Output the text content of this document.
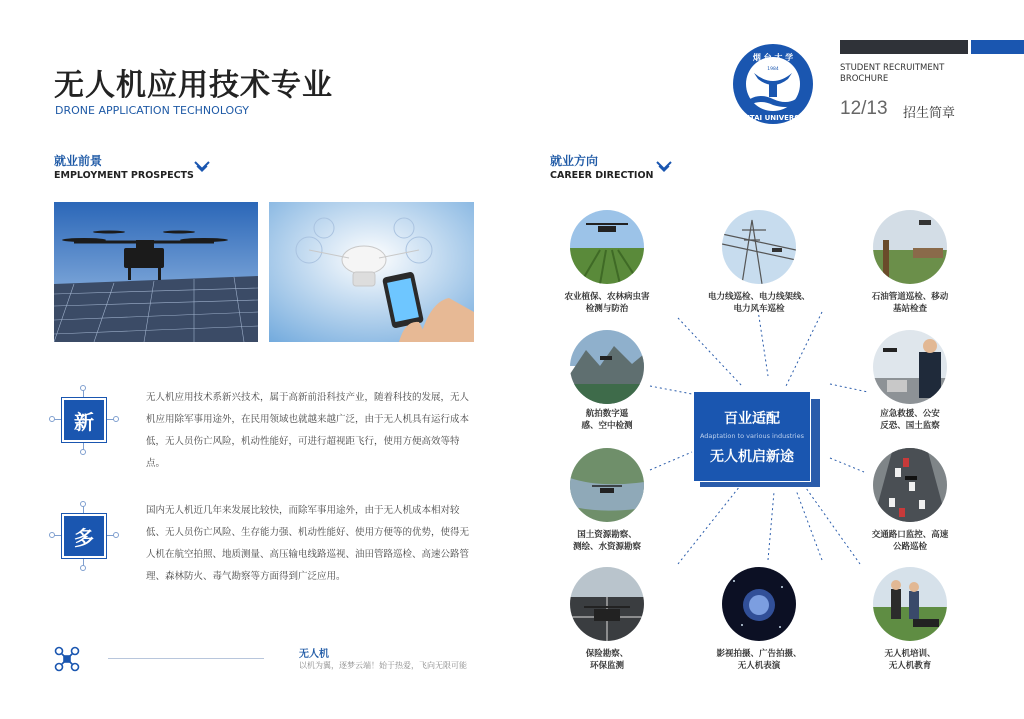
无人机应用技术专业
DRONE APPLICATION TECHNOLOGY
烟 台 大 学
YANTAI UNIVERSITY
1984	STUDENT RECRUITMENT
BROCHURE
12/13 招生简章
就业前景
EMPLOYMENT PROSPECTS
新
无人机应用技术系新兴技术，属于高新前沿科技产业，随着科技的发展，无人机应用除军事用途外，在民用领域也就越来越广泛，由于无人机具有运行成本低，无人员伤亡风险，机动性能好，可进行超视距飞行，使用方便高效等特点。
多
国内无人机近几年来发展比较快，而除军事用途外，由于无人机成本相对较低、无人员伤亡风险、生存能力强、机动性能好、使用方便等的优势，使得无人机在航空拍照、地质测量、高压输电线路巡视、油田管路巡检、高速公路管理、森林防火、毒气勘察等方面得到广泛应用。
无人机
以机为翼，逐梦云端！始于热爱，飞向无限可能
就业方向
CAREER DIRECTION
百业适配
Adaptation to various industries
无人机启新途
农业植保、农林病虫害
检测与防治
电力线巡检、电力线架线、
电力风车巡检
石油管道巡检、移动
基站检查
航拍数字遥
感、空中检测
应急救援、公安
反恐、国土监察
国土资源勘察、
测绘、水资源勘察
交通路口监控、高速
公路巡检
保险勘察、
环保监测
影视拍摄、广告拍摄、
无人机表演
无人机培训、
无人机教育
